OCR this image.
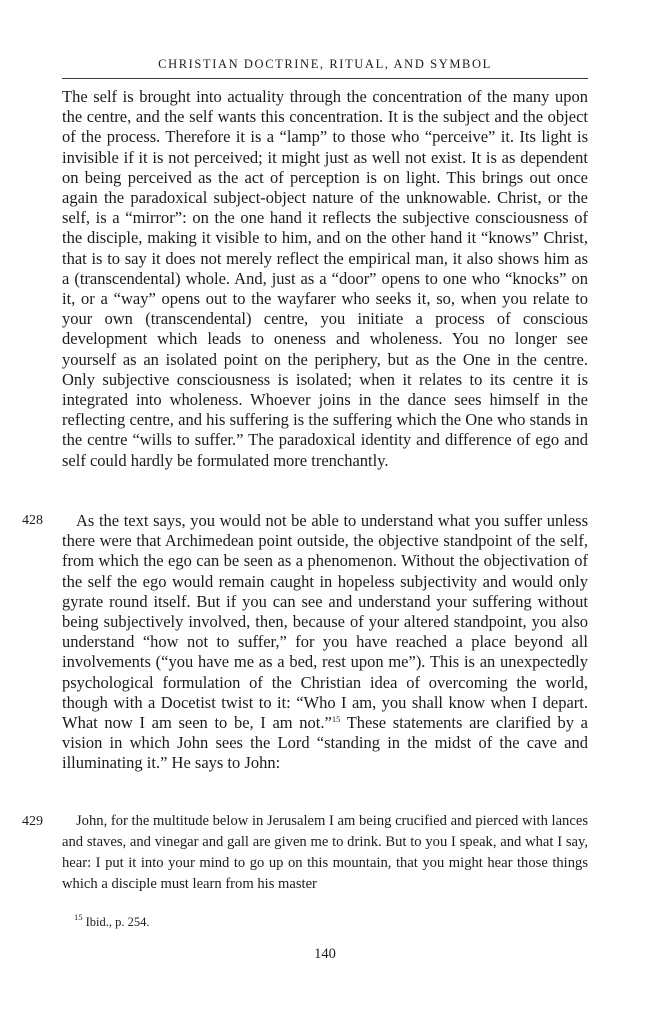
CHRISTIAN DOCTRINE, RITUAL, AND SYMBOL

The self is brought into actuality through the concentration of the many upon the centre, and the self wants this concentration. It is the subject and the object of the process. Therefore it is a “lamp” to those who “perceive” it. Its light is invisible if it is not perceived; it might just as well not exist. It is as dependent on being perceived as the act of perception is on light. This brings out once again the paradoxical subject-object nature of the unknowable. Christ, or the self, is a “mirror”: on the one hand it reflects the subjective consciousness of the disciple, making it visible to him, and on the other hand it “knows” Christ, that is to say it does not merely reflect the empirical man, it also shows him as a (transcendental) whole. And, just as a “door” opens to one who “knocks” on it, or a “way” opens out to the wayfarer who seeks it, so, when you relate to your own (transcendental) centre, you initiate a process of conscious development which leads to oneness and wholeness. You no longer see yourself as an isolated point on the periphery, but as the One in the centre. Only subjective consciousness is isolated; when it relates to its centre it is integrated into wholeness. Whoever joins in the dance sees himself in the reflecting centre, and his suffering is the suffering which the One who stands in the centre “wills to suffer.” The paradoxical identity and difference of ego and self could hardly be formulated more trenchantly.

428	As the text says, you would not be able to understand what you suffer unless there were that Archimedean point outside, the objective standpoint of the self, from which the ego can be seen as a phenomenon. Without the objectivation of the self the ego would remain caught in hopeless subjectivity and would only gyrate round itself. But if you can see and understand your suffering without being subjectively involved, then, because of your altered standpoint, you also understand “how not to suffer,” for you have reached a place beyond all involvements (“you have me as a bed, rest upon me”). This is an unexpectedly psychological formulation of the Christian idea of overcoming the world, though with a Docetist twist to it: “Who I am, you shall know when I depart. What now I am seen to be, I am not.”$^{15}$ These statements are clarified by a vision in which John sees the Lord “standing in the midst of the cave and illuminating it.” He says to John:

429	John, for the multitude below in Jerusalem I am being crucified and pierced with lances and staves, and vinegar and gall are given me to drink. But to you I speak, and what I say, hear: I put it into your mind to go up on this mountain, that you might hear those things which a disciple must learn from his master

$^{15}$ Ibid., p. 254.
140
